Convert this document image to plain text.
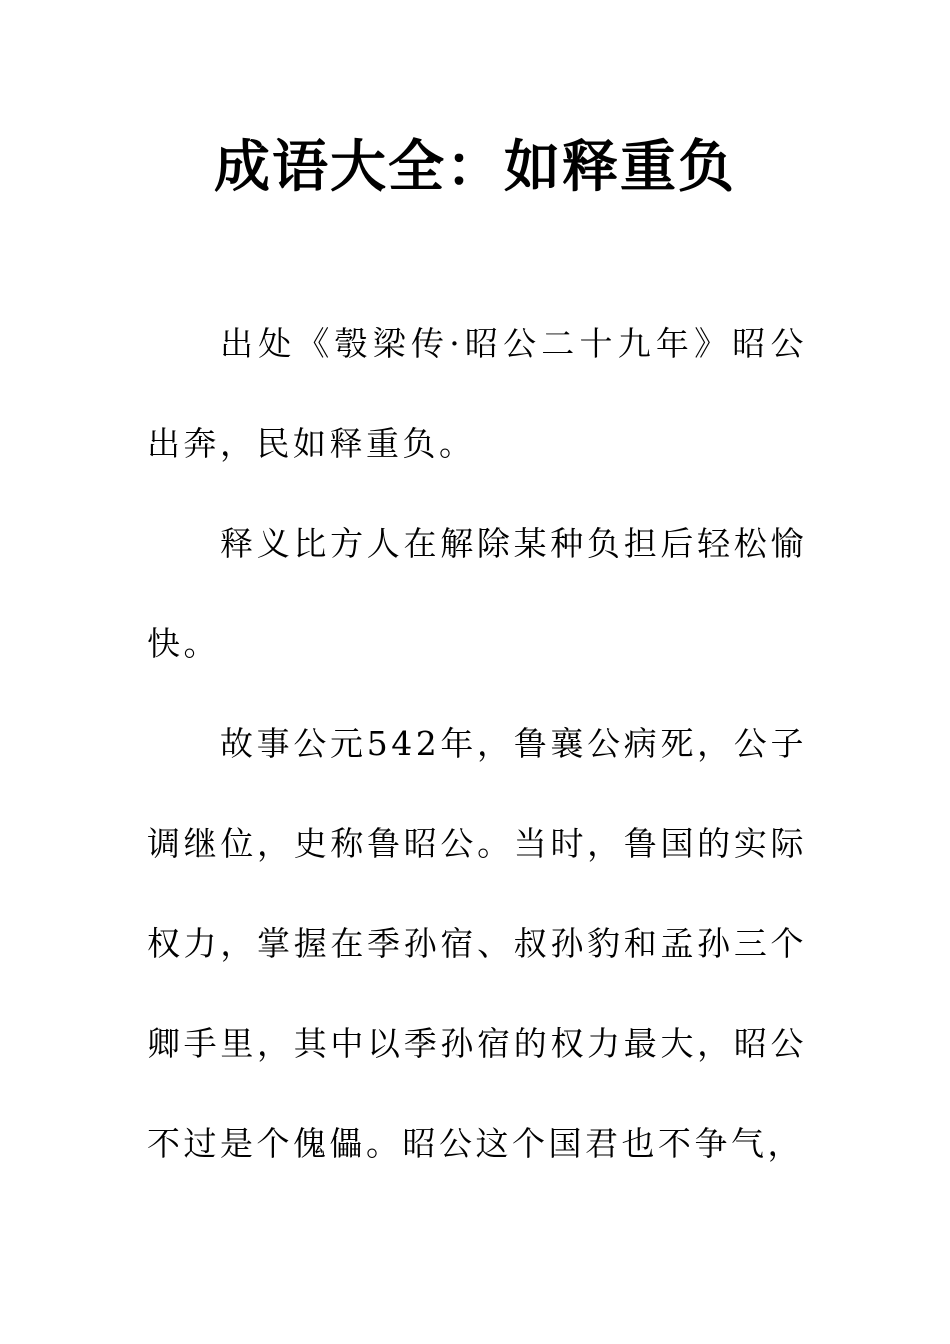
成语大全：如释重负

出处《彀梁传·昭公二十九年》昭公出奔，民如释重负。

释义比方人在解除某种负担后轻松愉快。

故事公元542年，鲁襄公病死，公子调继位，史称鲁昭公。当时，鲁国的实际权力，掌握在季孙宿、叔孙豹和孟孙三个卿手里，其中以季孙宿的权力最大，昭公不过是个傀儡。昭公这个国君也不争气，
